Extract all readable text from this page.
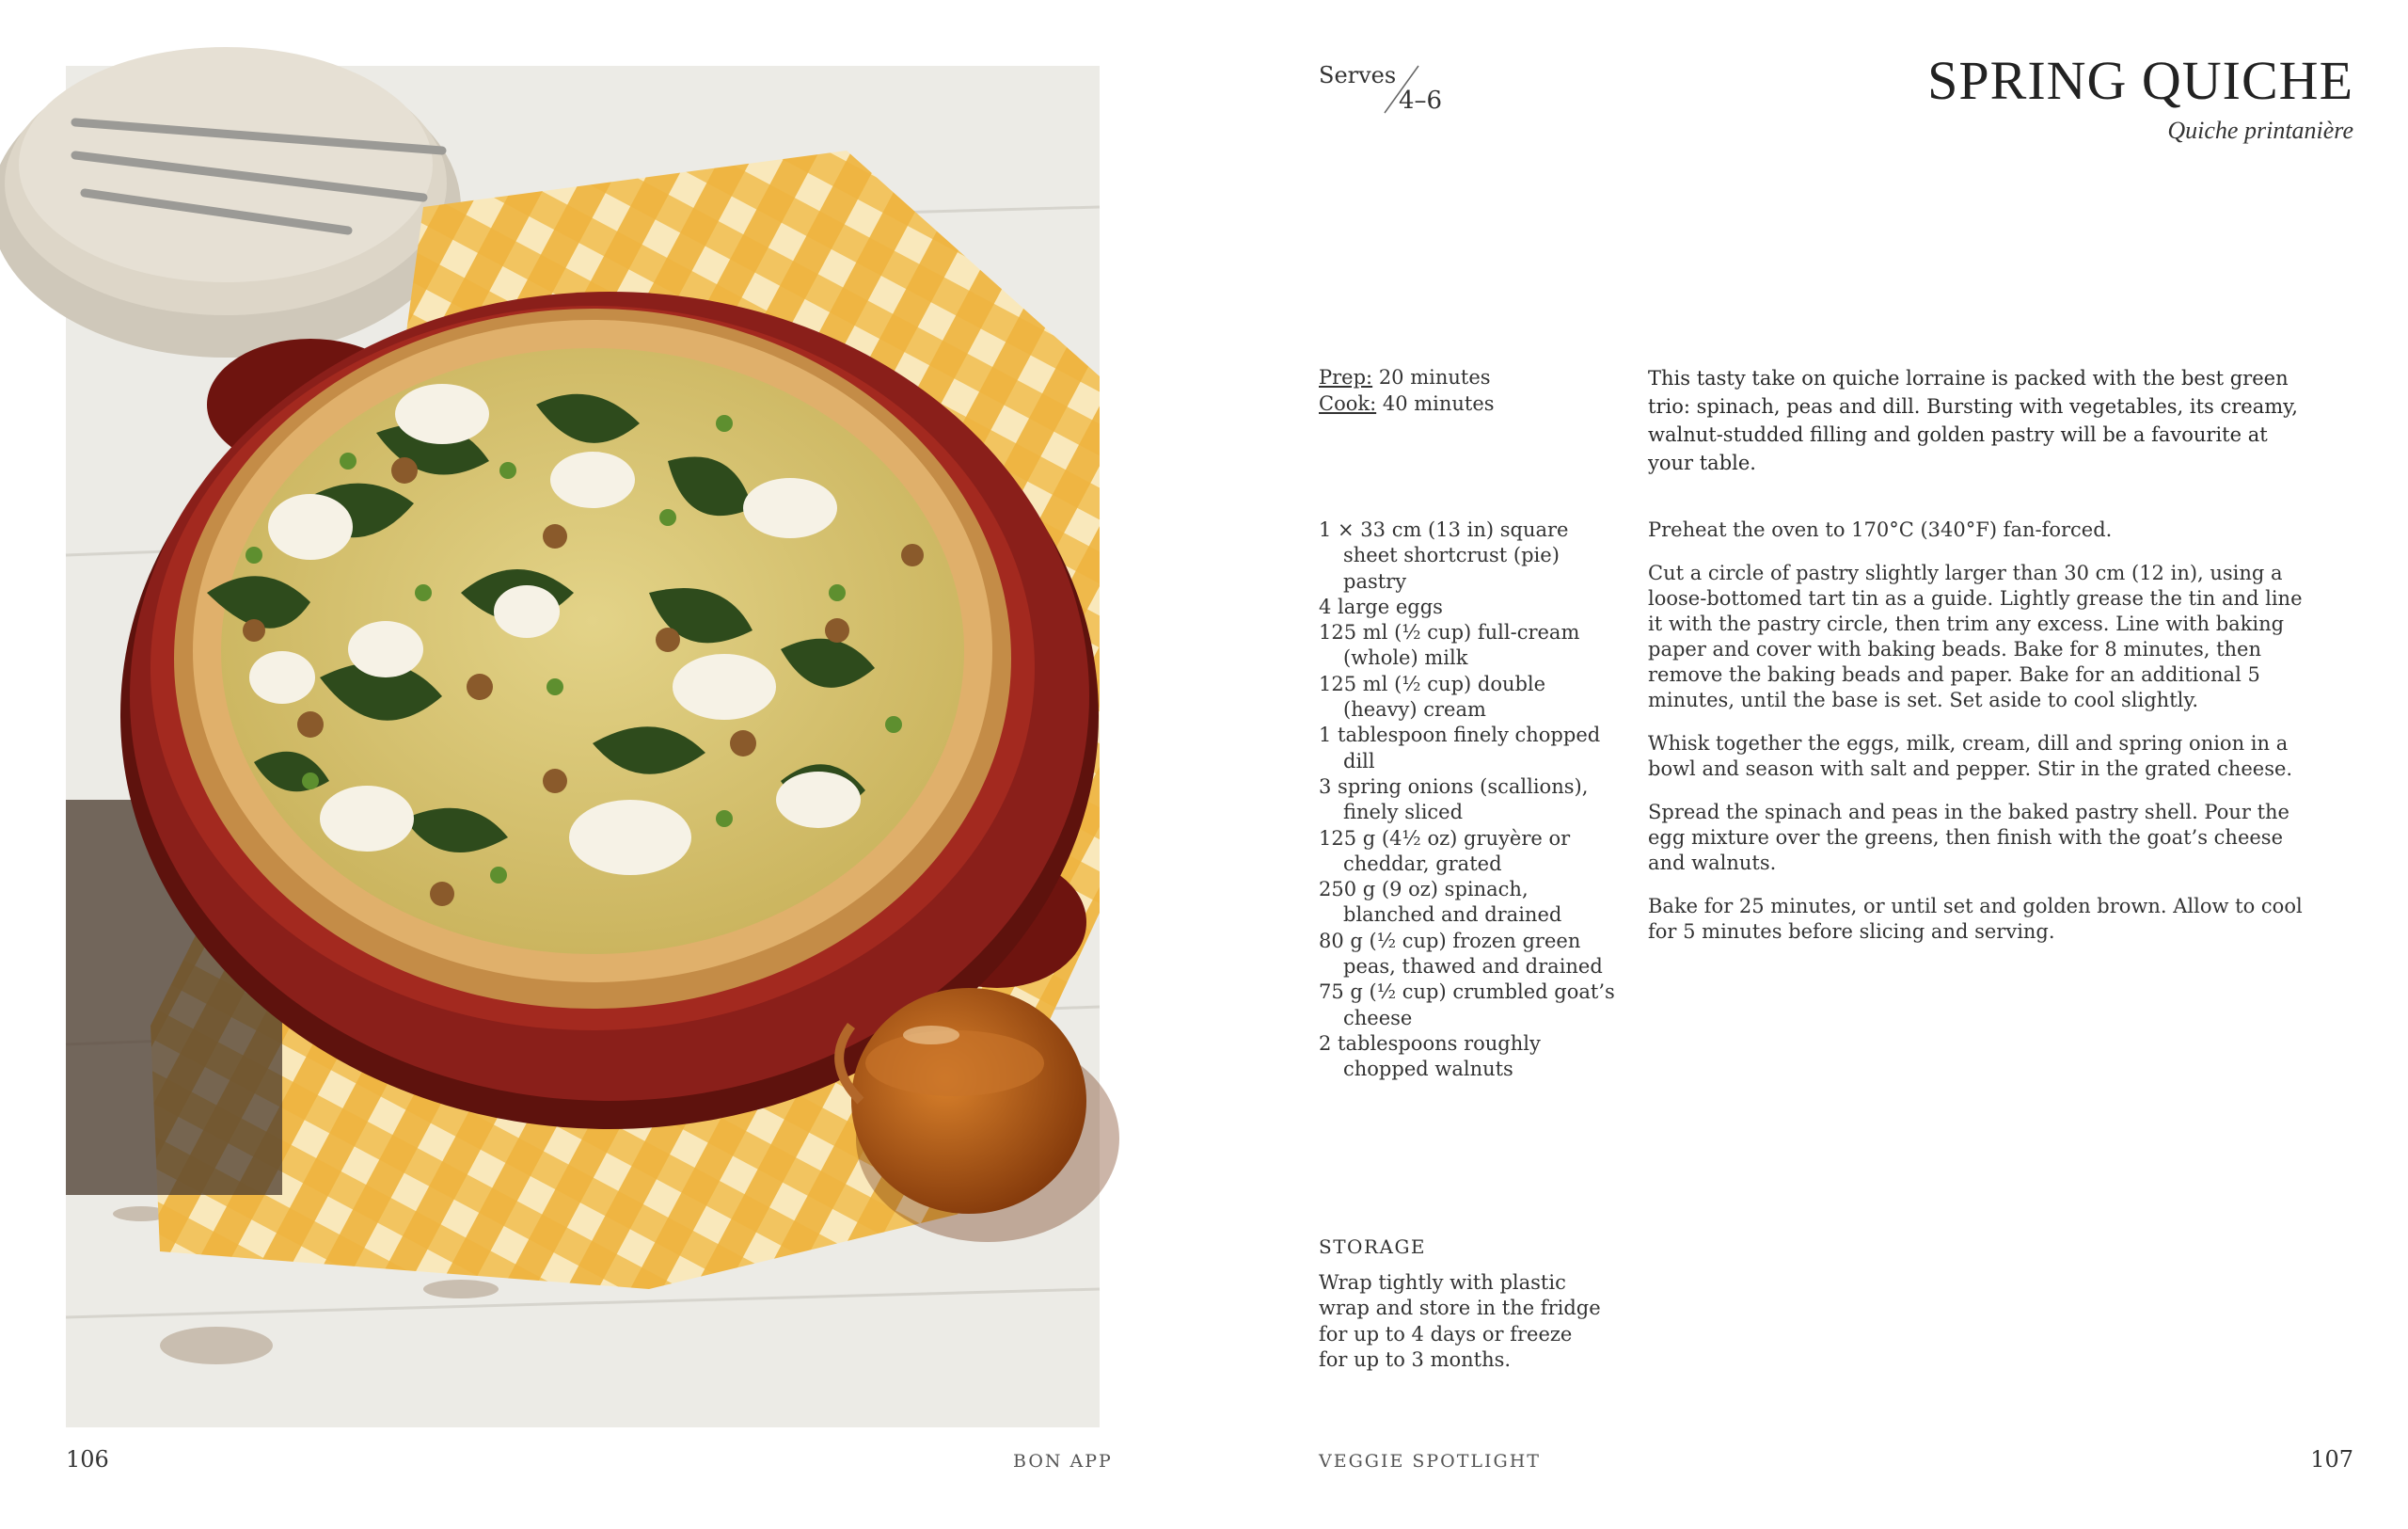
106	BON APP
Serves
4–6	SPRING QUICHE
Quiche printanière
Prep: 20 minutes
Cook: 40 minutes
This tasty take on quiche lorraine is packed with the best green trio: spinach, peas and dill. Bursting with vegetables, its creamy, walnut-studded filling and golden pastry will be a favourite at your table.
1 × 33 cm (13 in) square sheet shortcrust (pie) pastry
4 large eggs
125 ml (½ cup) full-cream (whole) milk
125 ml (½ cup) double (heavy) cream
1 tablespoon finely chopped dill
3 spring onions (scallions), finely sliced
125 g (4½ oz) gruyère or cheddar, grated
250 g (9 oz) spinach, blanched and drained
80 g (½ cup) frozen green peas, thawed and drained
75 g (½ cup) crumbled goat’s cheese
2 tablespoons roughly chopped walnuts

Preheat the oven to 170°C (340°F) fan-forced.

Cut a circle of pastry slightly larger than 30 cm (12 in), using a loose-bottomed tart tin as a guide. Lightly grease the tin and line it with the pastry circle, then trim any excess. Line with baking paper and cover with baking beads. Bake for 8 minutes, then remove the baking beads and paper. Bake for an additional 5 minutes, until the base is set. Set aside to cool slightly.

Whisk together the eggs, milk, cream, dill and spring onion in a bowl and season with salt and pepper. Stir in the grated cheese.

Spread the spinach and peas in the baked pastry shell. Pour the egg mixture over the greens, then finish with the goat’s cheese and walnuts.

Bake for 25 minutes, or until set and golden brown. Allow to cool for 5 minutes before slicing and serving.

STORAGE
Wrap tightly with plastic wrap and store in the fridge for up to 4 days or freeze for up to 3 months.
VEGGIE SPOTLIGHT	107
